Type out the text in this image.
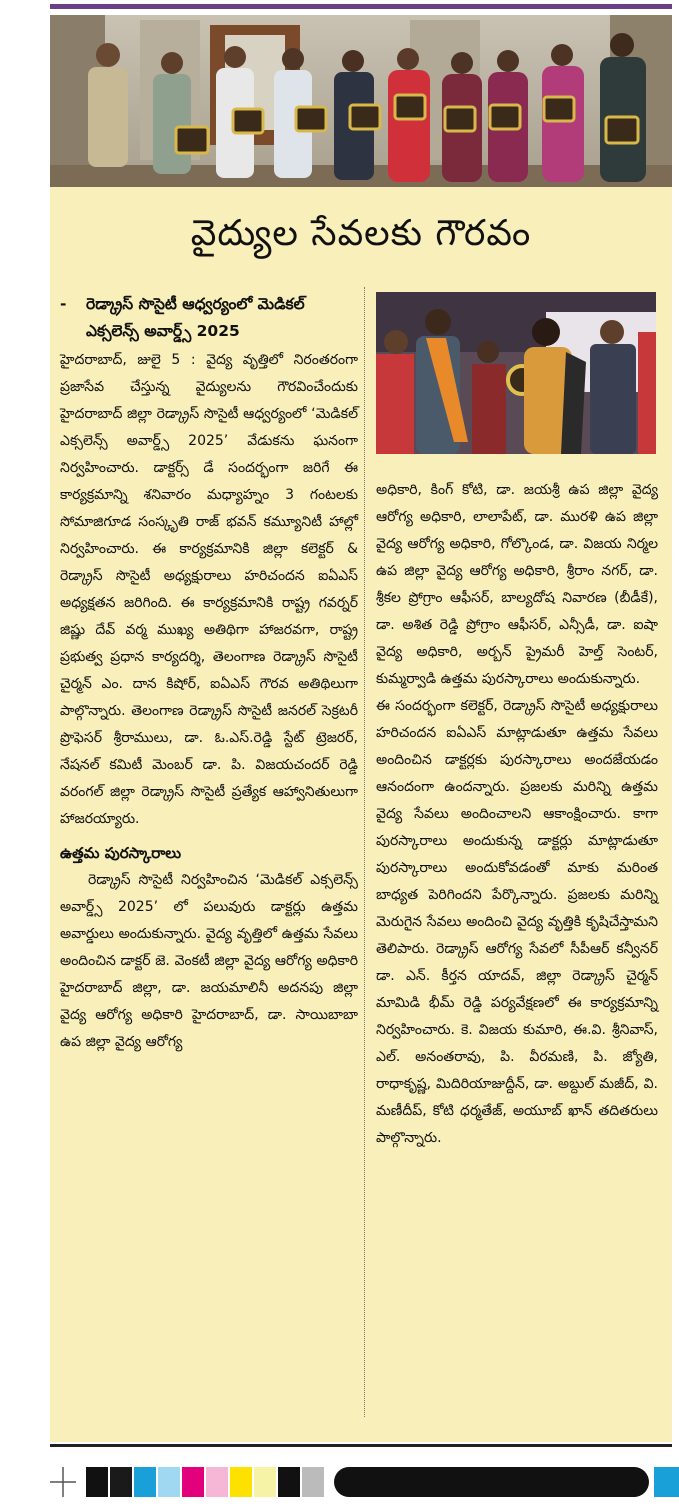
వైద్యుల సేవలకు గౌరవం
- రెడ్క్రాస్ సొసైటీ ఆధ్వర్యంలో మెడికల్ ఎక్సలెన్స్ అవార్డ్స్ 2025

హైదరాబాద్, జులై 5 : వైద్య వృత్తిలో నిరంతరంగా ప్రజాసేవ చేస్తున్న వైద్యులను గౌరవించేందుకు హైదరాబాద్ జిల్లా రెడ్క్రాస్ సొసైటీ ఆధ్వర్యంలో ‘మెడికల్ ఎక్సలెన్స్ అవార్డ్స్ 2025’ వేడుకను ఘనంగా నిర్వహించారు. డాక్టర్స్ డే సందర్భంగా జరిగే ఈ కార్యక్రమాన్ని శనివారం మధ్యాహ్నం 3 గంటలకు సోమాజిగూడ సంస్కృతి రాజ్ భవన్ కమ్యూనిటీ హాల్లో నిర్వహించారు. ఈ కార్యక్రమానికి జిల్లా కలెక్టర్ & రెడ్క్రాస్ సొసైటీ అధ్యక్షురాలు హరిచందన ఐఏఎస్ అధ్యక్షతన జరిగింది. ఈ కార్యక్రమానికి రాష్ట్ర గవర్నర్ జిష్ణు దేవ్ వర్మ ముఖ్య అతిథిగా హాజరవగా, రాష్ట్ర ప్రభుత్వ ప్రధాన కార్యదర్శి, తెలంగాణ రెడ్క్రాస్ సొసైటీ చైర్మన్ ఎం. దాన కిషోర్, ఐఏఎస్ గౌరవ అతిథిలుగా పాల్గొన్నారు. తెలంగాణ రెడ్క్రాస్ సొసైటీ జనరల్ సెక్రటరీ ప్రొఫెసర్ శ్రీరాములు, డా. ఓ.ఎస్.రెడ్డి స్టేట్ ట్రెజరర్, నేషనల్ కమిటీ మెంబర్ డా. పి. విజయచందర్ రెడ్డి వరంగల్ జిల్లా రెడ్క్రాస్ సొసైటీ ప్రత్యేక ఆహ్వానితులుగా హాజరయ్యారు.

ఉత్తమ పురస్కారాలు

రెడ్క్రాస్ సొసైటీ నిర్వహించిన ‘మెడికల్ ఎక్సలెన్స్ అవార్డ్స్ 2025’ లో పలువురు డాక్టర్లు ఉత్తమ అవార్డులు అందుకున్నారు. వైద్య వృత్తిలో ఉత్తమ సేవలు అందించిన డాక్టర్ జె. వెంకటీ జిల్లా వైద్య ఆరోగ్య అధికారి హైదరాబాద్ జిల్లా, డా. జయమాలినీ అదనపు జిల్లా వైద్య ఆరోగ్య అధికారి హైదరాబాద్, డా. సాయిబాబా ఉప జిల్లా వైద్య ఆరోగ్య

అధికారి, కింగ్ కోటి, డా. జయశ్రీ ఉప జిల్లా వైద్య ఆరోగ్య అధికారి, లాలాపేట్, డా. మురళి ఉప జిల్లా వైద్య ఆరోగ్య అధికారి, గోల్కొండ, డా. విజయ నిర్మల ఉప జిల్లా వైద్య ఆరోగ్య అధికారి, శ్రీరాం నగర్, డా. శ్రీకల ప్రోగ్రాం ఆఫీసర్, బాల్యదోష నివారణ (బీడీకే), డా. అశిత రెడ్డి ప్రోగ్రాం ఆఫీసర్, ఎన్సీడీ, డా. ఐషా వైద్య అధికారి, అర్బన్ ప్రైమరీ హెల్త్ సెంటర్, కుమ్మర్వాడి ఉత్తమ పురస్కారాలు అందుకున్నారు.

ఈ సందర్భంగా కలెక్టర్, రెడ్క్రాస్ సొసైటీ అధ్యక్షురాలు హరిచందన ఐఏఎస్ మాట్లాడుతూ ఉత్తమ సేవలు అందించిన డాక్టర్లకు పురస్కారాలు అందజేయడం ఆనందంగా ఉందన్నారు. ప్రజలకు మరిన్ని ఉత్తమ వైద్య సేవలు అందించాలని ఆకాంక్షించారు. కాగా పురస్కారాలు అందుకున్న డాక్టర్లు మాట్లాడుతూ పురస్కారాలు అందుకోవడంతో మాకు మరింత బాధ్యత పెరిగిందని పేర్కొన్నారు. ప్రజలకు మరిన్ని మెరుగైన సేవలు అందించి వైద్య వృత్తికి కృషిచేస్తామని తెలిపారు. రెడ్క్రాస్ ఆరోగ్య సేవలో సీపీఆర్ కన్వీనర్ డా. ఎన్. కీర్తన యాదవ్, జిల్లా రెడ్క్రాస్ చైర్మన్ మామిడి భీమ్ రెడ్డి పర్యవేక్షణలో ఈ కార్యక్రమాన్ని నిర్వహించారు. కె. విజయ కుమారి, ఈ.వి. శ్రీనివాస్, ఎల్. అనంతరావు, పి. వీరమణి, పి. జ్యోతి, రాధాకృష్ణ, మిదిరియాజుద్దీన్, డా. అబ్దుల్ మజీద్, వి. మణీదీప్, కోటి ధర్మతేజ్, అయూబ్ ఖాన్ తదితరులు పాల్గొన్నారు.
